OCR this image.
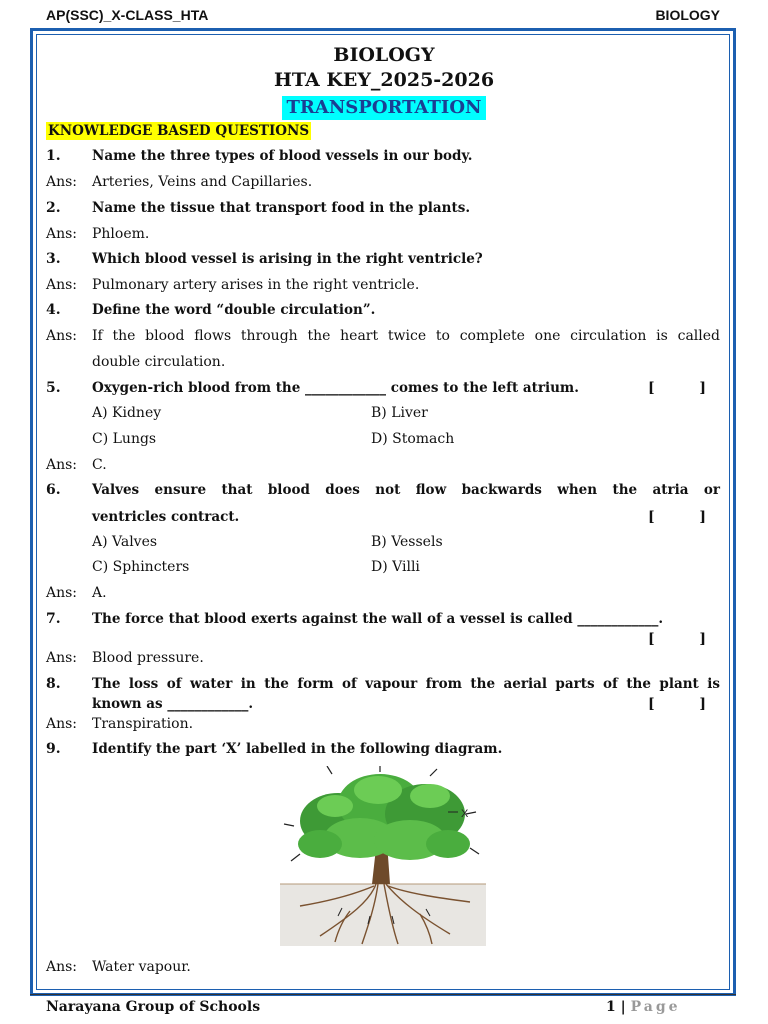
AP(SSC)_X-CLASS_HTA	BIOLOGY
BIOLOGY
HTA KEY_2025-2026
TRANSPORTATION
KNOWLEDGE BASED QUESTIONS
1. Name the three types of blood vessels in our body.
Ans: Arteries, Veins and Capillaries.
2. Name the tissue that transport food in the plants.
Ans: Phloem.
3. Which blood vessel is arising in the right ventricle?
Ans: Pulmonary artery arises in the right ventricle.
4. Define the word “double circulation”.
Ans: If the blood flows through the heart twice to complete one circulation is called
double circulation.
5. Oxygen-rich blood from the ____________ comes to the left atrium.	[	]
A) Kidney	B) Liver
C) Lungs	D) Stomach
Ans: C.
6. Valves ensure that blood does not flow backwards when the atria or
ventricles contract.	[	]
A) Valves	B) Vessels
C) Sphincters	D) Villi
Ans: A.
7. The force that blood exerts against the wall of a vessel is called ____________.
[	]
Ans: Blood pressure.
8. The loss of water in the form of vapour from the aerial parts of the plant is
known as ____________.	[	]
Ans: Transpiration.
9. Identify the part ‘X’ labelled in the following diagram.
X
Ans: Water vapour.
Narayana Group of Schools	1 | Page
